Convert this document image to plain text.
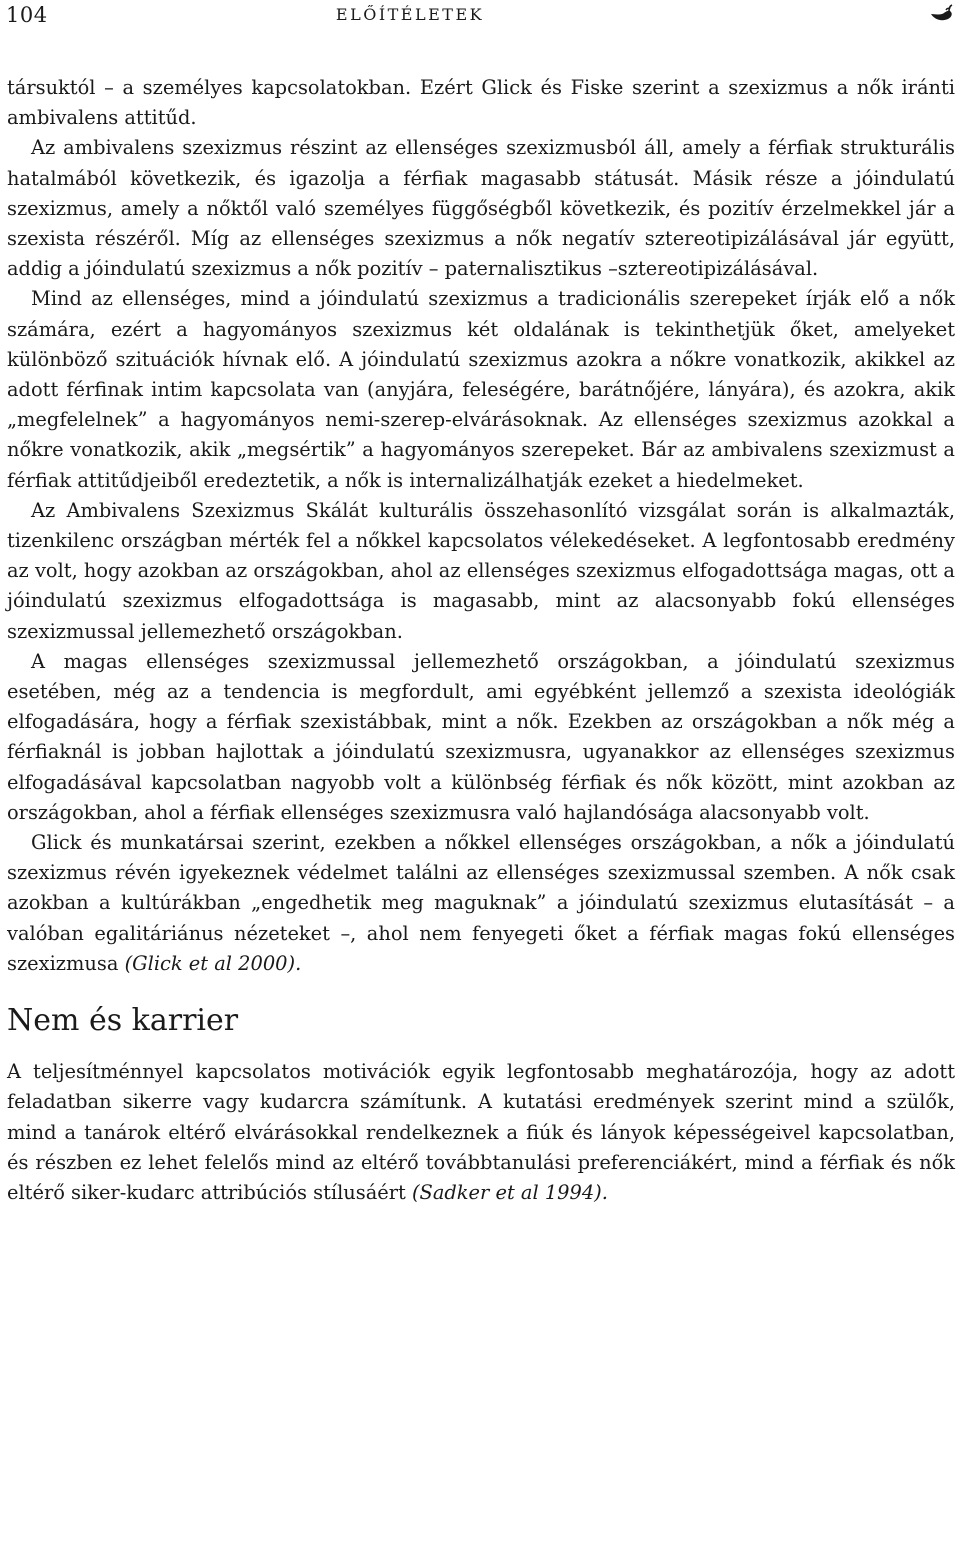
104	ELŐÍTÉLETEK

társuktól – a személyes kapcsolatokban. Ezért Glick és Fiske szerint a szexizmus a nők iránti ambivalens attitűd.

Az ambivalens szexizmus részint az ellenséges szexizmusból áll, amely a férfiak strukturális hatalmából következik, és igazolja a férfiak magasabb státusát. Másik része a jóindulatú szexizmus, amely a nőktől való személyes függőségből következik, és pozitív érzelmekkel jár a szexista részéről. Míg az ellenséges szexizmus a nők negatív sztereotipizálásával jár együtt, addig a jóindulatú szexizmus a nők pozitív – paternalisztikus –sztereotipizálásával.

Mind az ellenséges, mind a jóindulatú szexizmus a tradicionális szerepeket írják elő a nők számára, ezért a hagyományos szexizmus két oldalának is tekinthetjük őket, amelyeket különböző szituációk hívnak elő. A jóindulatú szexizmus azokra a nőkre vonatkozik, akikkel az adott férfinak intim kapcsolata van (anyjára, feleségére, barátnőjére, lányára), és azokra, akik „megfelelnek” a hagyományos nemi-szerep-elvárásoknak. Az ellenséges szexizmus azokkal a nőkre vonatkozik, akik „megsértik” a hagyományos szerepeket. Bár az ambivalens szexizmust a férfiak attitűdjeiből eredeztetik, a nők is internalizálhatják ezeket a hiedelmeket.

Az Ambivalens Szexizmus Skálát kulturális összehasonlító vizsgálat során is alkalmazták, tizenkilenc országban mérték fel a nőkkel kapcsolatos vélekedéseket. A legfontosabb eredmény az volt, hogy azokban az országokban, ahol az ellenséges szexizmus elfogadottsága magas, ott a jóindulatú szexizmus elfogadottsága is magasabb, mint az alacsonyabb fokú ellenséges szexizmussal jellemezhető országokban.

A magas ellenséges szexizmussal jellemezhető országokban, a jóindulatú szexizmus esetében, még az a tendencia is megfordult, ami egyébként jellemző a szexista ideológiák elfogadására, hogy a férfiak szexistábbak, mint a nők. Ezekben az országokban a nők még a férfiaknál is jobban hajlottak a jóindulatú szexizmusra, ugyanakkor az ellenséges szexizmus elfogadásával kapcsolatban nagyobb volt a különbség férfiak és nők között, mint azokban az országokban, ahol a férfiak ellenséges szexizmusra való hajlandósága alacsonyabb volt.

Glick és munkatársai szerint, ezekben a nőkkel ellenséges országokban, a nők a jóindulatú szexizmus révén igyekeznek védelmet találni az ellenséges szexizmussal szemben. A nők csak azokban a kultúrákban „engedhetik meg maguknak” a jóindulatú szexizmus elutasítását – a valóban egalitáriánus nézeteket –, ahol nem fenyegeti őket a férfiak magas fokú ellenséges szexizmusa (Glick et al 2000).

Nem és karrier

A teljesítménnyel kapcsolatos motivációk egyik legfontosabb meghatározója, hogy az adott feladatban sikerre vagy kudarcra számítunk. A kutatási eredmények szerint mind a szülők, mind a tanárok eltérő elvárásokkal rendelkeznek a fiúk és lányok képességeivel kapcsolatban, és részben ez lehet felelős mind az eltérő továbbtanulási preferenciákért, mind a férfiak és nők eltérő siker-kudarc attribúciós stílusáért (Sadker et al 1994).
